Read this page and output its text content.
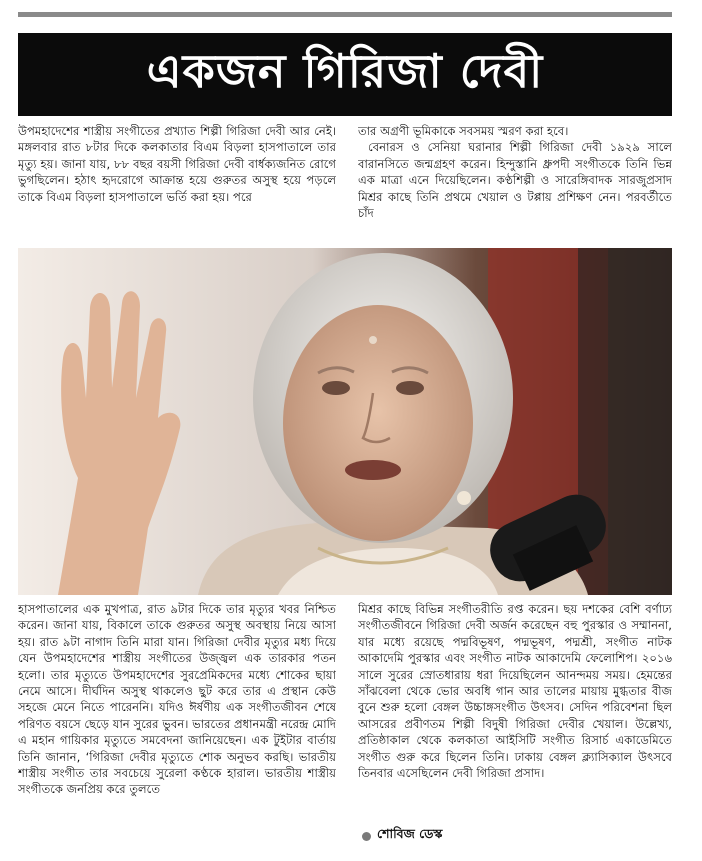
একজন গিরিজা দেবী

উপমহাদেশের শাস্ত্রীয় সংগীতের প্রখ্যাত শিল্পী গিরিজা দেবী আর নেই। মঙ্গলবার রাত ৮টার দিকে কলকাতার বিএম বিড়লা হাসপাতালে তার মৃত্যু হয়। জানা যায়, ৮৮ বছর বয়সী গিরিজা দেবী বার্ধক্যজনিত রোগে ভুগছিলেন। হঠাৎ হৃদরোগে আক্রান্ত হয়ে গুরুতর অসুস্থ হয়ে পড়লে তাকে বিএম বিড়লা হাসপাতালে ভর্তি করা হয়। পরে

তার অগ্রণী ভূমিকাকে সবসময় স্মরণ করা হবে।

বেনারস ও সেনিয়া ঘরানার শিল্পী গিরিজা দেবী ১৯২৯ সালে বারানসিতে জন্মগ্রহণ করেন। হিন্দুস্তানি ধ্রুপদী সংগীতকে তিনি ভিন্ন এক মাত্রা এনে দিয়েছিলেন। কণ্ঠশিল্পী ও সারেঙ্গিবাদক সারজুপ্রসাদ মিশ্রর কাছে তিনি প্রথমে খেয়াল ও টপ্পায় প্রশিক্ষণ নেন। পরবর্তীতে চাঁদ

হাসপাতালের এক মুখপাত্র, রাত ৯টার দিকে তার মৃত্যুর খবর নিশ্চিত করেন। জানা যায়, বিকালে তাকে গুরুতর অসুস্থ অবস্থায় নিয়ে আসা হয়। রাত ৯টা নাগাদ তিনি মারা যান। গিরিজা দেবীর মৃত্যুর মধ্য দিয়ে যেন উপমহাদেশের শাস্ত্রীয় সংগীতের উজ্জ্বল এক তারকার পতন হলো। তার মৃত্যুতে উপমহাদেশের সুরপ্রেমিকদের মধ্যে শোকের ছায়া নেমে আসে। দীর্ঘদিন অসুস্থ থাকলেও ছুট করে তার এ প্রস্থান কেউ সহজে মেনে নিতে পারেননি। যদিও ঈর্ষণীয় এক সংগীতজীবন শেষে পরিণত বয়সে ছেড়ে যান সুরের ভুবন। ভারতের প্রধানমন্ত্রী নরেন্দ্র মোদি এ মহান গায়িকার মৃত্যুতে সমবেদনা জানিয়েছেন। এক টুইটার বার্তায় তিনি জানান, ‘গিরিজা দেবীর মৃত্যুতে শোক অনুভব করছি। ভারতীয় শাস্ত্রীয় সংগীত তার সবচেয়ে সুরেলা কণ্ঠকে হারাল। ভারতীয় শাস্ত্রীয় সংগীতকে জনপ্রিয় করে তুলতে

মিশ্রর কাছে বিভিন্ন সংগীতরীতি রপ্ত করেন। ছয় দশকের বেশি বর্ণাঢ্য সংগীতজীবনে গিরিজা দেবী অর্জন করেছেন বহু পুরস্কার ও সম্মাননা, যার মধ্যে রয়েছে পদ্মবিভূষণ, পদ্মভূষণ, পদ্মশ্রী, সংগীত নাটক আকাদেমি পুরস্কার এবং সংগীত নাটক আকাদেমি ফেলোশিপ। ২০১৬ সালে সুরের স্রোতধারায় ধরা দিয়েছিলেন আনন্দময় সময়। হেমন্তের সাঁঝবেলা থেকে ভোর অবধি গান আর তালের মায়ায় মুগ্ধতার বীজ বুনে শুরু হলো বেঙ্গল উচ্চাঙ্গসংগীত উৎসব। সেদিন পরিবেশনা ছিল আসরের প্রবীণতম শিল্পী বিদুষী গিরিজা দেবীর খেয়াল। উল্লেখ্য, প্রতিষ্ঠাকাল থেকে কলকাতা আইসিটি সংগীত রিসার্চ একাডেমিতে সংগীত গুরু করে ছিলেন তিনি। ঢাকায় বেঙ্গল ক্ল্যাসিক্যাল উৎসবে তিনবার এসেছিলেন দেবী গিরিজা প্রসাদ।

শোবিজ ডেস্ক
